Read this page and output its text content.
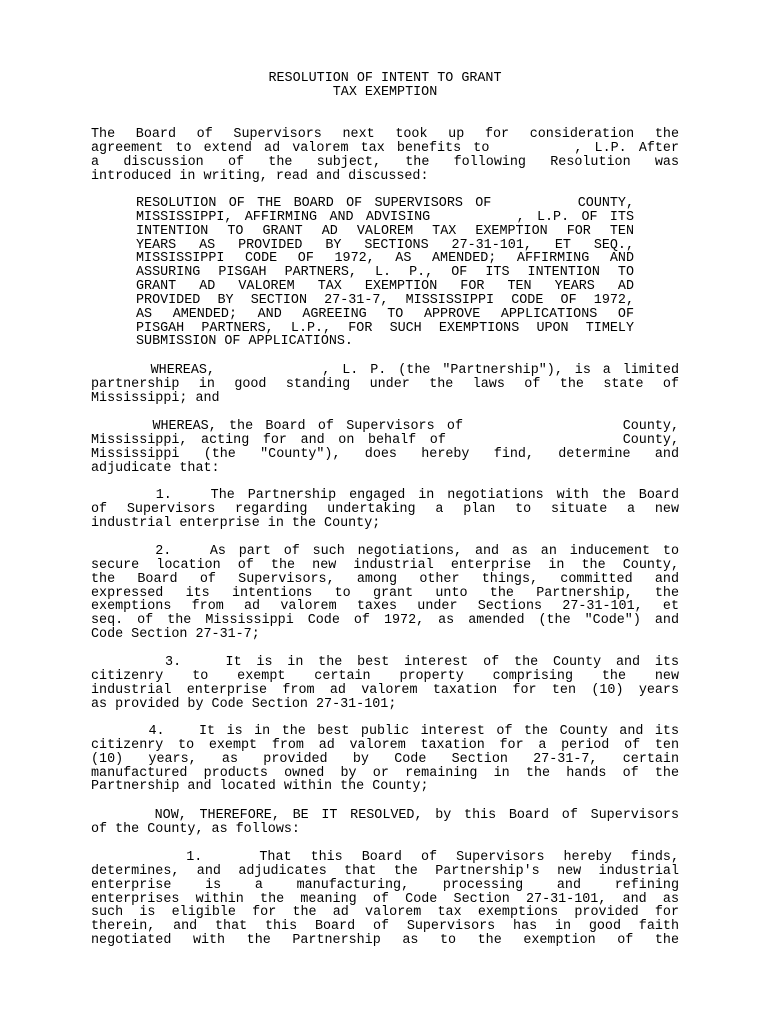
RESOLUTION OF INTENT TO GRANT
TAX EXEMPTION
The Board of Supervisors next took up for consideration the
agreement to extend ad valorem tax benefits to       , L.P. After
a discussion of the subject, the following Resolution was
introduced in writing, read and discussed:
RESOLUTION OF THE BOARD OF SUPERVISORS OF       COUNTY,
MISSISSIPPI, AFFIRMING AND ADVISING       , L.P. OF ITS
INTENTION TO GRANT AD VALOREM TAX EXEMPTION FOR TEN
YEARS AS PROVIDED BY SECTIONS 27-31-101, ET SEQ.,
MISSISSIPPI CODE OF 1972, AS AMENDED; AFFIRMING AND
ASSURING PISGAH PARTNERS, L. P., OF ITS INTENTION TO
GRANT AD VALOREM TAX EXEMPTION FOR TEN YEARS AD
PROVIDED BY SECTION 27-31-7, MISSISSIPPI CODE OF 1972,
AS AMENDED; AND AGREEING TO APPROVE APPLICATIONS OF
PISGAH PARTNERS, L.P., FOR SUCH EXEMPTIONS UPON TIMELY
SUBMISSION OF APPLICATIONS.
WHEREAS,         , L. P. (the "Partnership"), is a limited
partnership in good standing under the laws of the state of
Mississippi; and
WHEREAS, the Board of Supervisors of             County,
Mississippi, acting for and on behalf of             County,
Mississippi (the "County"), does hereby find, determine and
adjudicate that:
1.   The Partnership engaged in negotiations with the Board
of Supervisors regarding undertaking a plan to situate a new
industrial enterprise in the County;
2.   As part of such negotiations, and as an inducement to
secure location of the new industrial enterprise in the County,
the Board of Supervisors, among other things, committed and
expressed its intentions to grant unto the Partnership, the
exemptions from ad valorem taxes under Sections 27-31-101, et
seq. of the Mississippi Code of 1972, as amended (the "Code") and
Code Section 27-31-7;
3.   It is in the best interest of the County and its
citizenry to exempt certain property comprising the new
industrial enterprise from ad valorem taxation for ten (10) years
as provided by Code Section 27-31-101;
4.   It is in the best public interest of the County and its
citizenry to exempt from ad valorem taxation for a period of ten
(10) years, as provided by Code Section 27-31-7, certain
manufactured products owned by or remaining in the hands of the
Partnership and located within the County;
NOW, THEREFORE, BE IT RESOLVED, by this Board of Supervisors
of the County, as follows:
1.   That this Board of Supervisors hereby finds,
determines, and adjudicates that the Partnership's new industrial
enterprise is a manufacturing, processing and refining
enterprises within the meaning of Code Section 27-31-101, and as
such is eligible for the ad valorem tax exemptions provided for
therein, and that this Board of Supervisors has in good faith
negotiated with the Partnership as to the exemption of the
